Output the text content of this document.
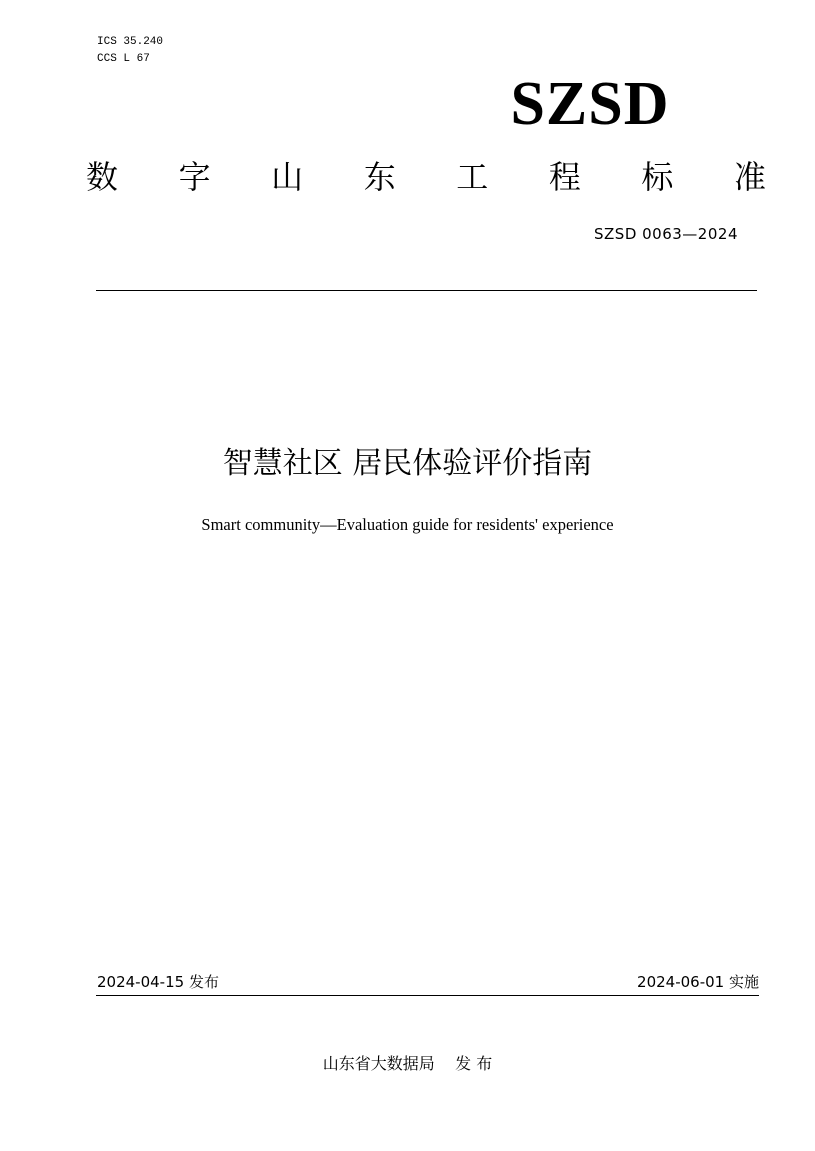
ICS 35.240
CCS L 67
SZSD
数 字 山 东 工 程 标 准
SZSD 0063—2024
智慧社区 居民体验评价指南
Smart community—Evaluation guide for residents' experience
2024-04-15 发布	2024-06-01 实施
山东省大数据局    发 布
